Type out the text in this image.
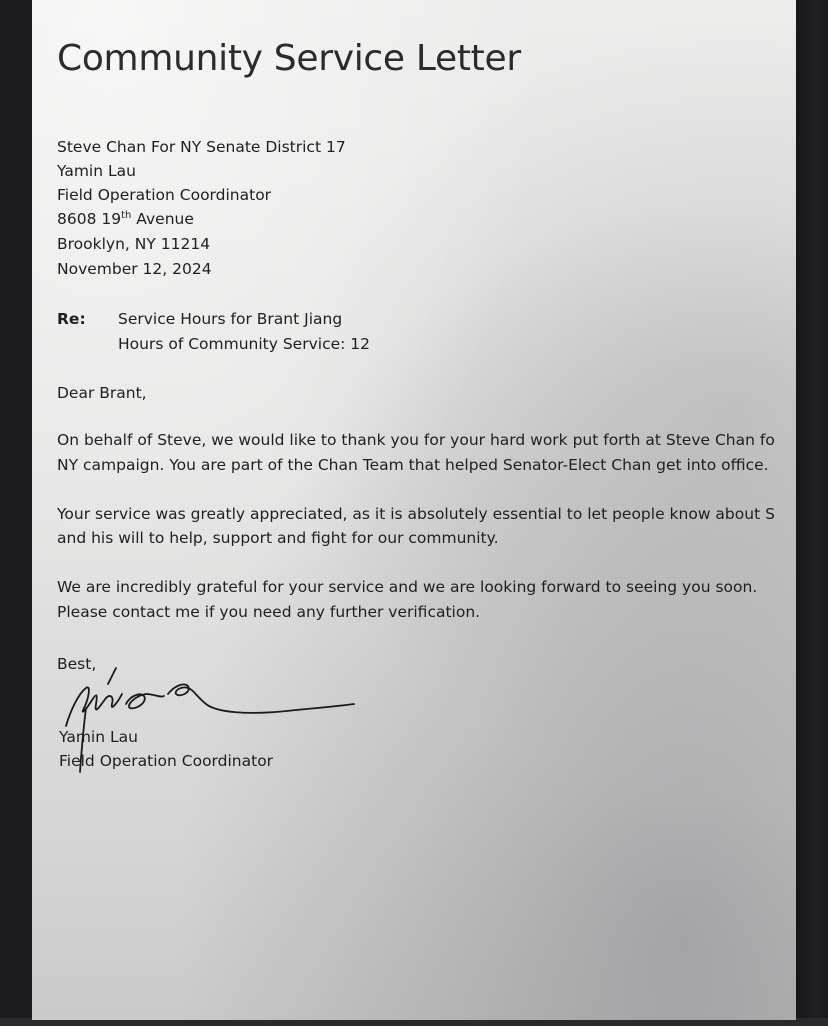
Community Service Letter

Steve Chan For NY Senate District 17

Yamin Lau

Field Operation Coordinator

8608 19th Avenue

Brooklyn, NY 11214

November 12, 2024

Re: Service Hours for Brant Jiang

Hours of Community Service: 12

Dear Brant,

On behalf of Steve, we would like to thank you for your hard work put forth at Steve Chan fo

NY campaign. You are part of the Chan Team that helped Senator-Elect Chan get into office.

Your service was greatly appreciated, as it is absolutely essential to let people know about S

and his will to help, support and fight for our community.

We are incredibly grateful for your service and we are looking forward to seeing you soon.

Please contact me if you need any further verification.

Best,

Yamin Lau

Field Operation Coordinator
